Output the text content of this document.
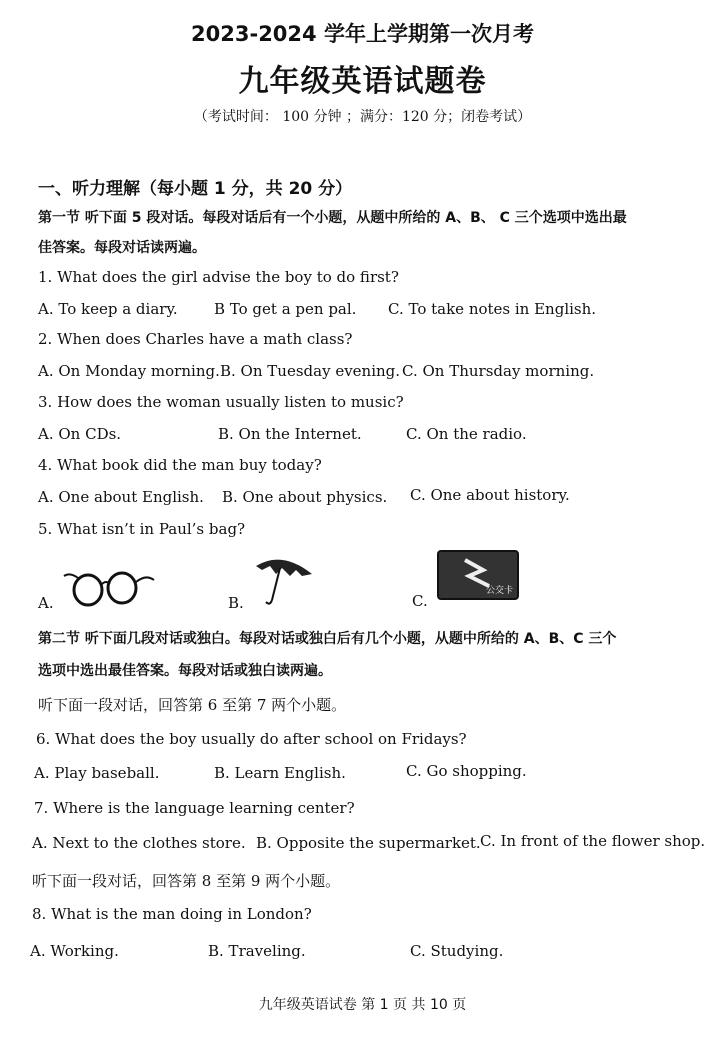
2023-2024 学年上学期第一次月考
九年级英语试题卷
（考试时间： 100 分钟 ；满分：120 分；闭卷考试）
一、听力理解（每小题 1 分，共 20 分）
第一节 听下面 5 段对话。每段对话后有一个小题，从题中所给的 A、B、 C 三个选项中选出最
佳答案。每段对话读两遍。
1. What does the girl advise the boy to do first?
A. To keep a diary. B To get a pen pal. C. To take notes in English.
2. When does Charles have a math class?
A. On Monday morning. B. On Tuesday evening. C. On Thursday morning.
3. How does the woman usually listen to music?
A. On CDs.	B. On the Internet.	C. On the radio.
4. What book did the man buy today?
A. One about English. B. One about physics. C. One about history.
5. What isn’t in Paul’s bag?
A.	B.	C.
公交卡
第二节 听下面几段对话或独白。每段对话或独白后有几个小题，从题中所给的 A、B、C 三个
选项中选出最佳答案。每段对话或独白读两遍。
听下面一段对话，回答第 6 至第 7 两个小题。
6. What does the boy usually do after school on Fridays?
A. Play baseball.	B. Learn English.	C. Go shopping.
7. Where is the language learning center?
A. Next to the clothes store. B. Opposite the supermarket. C. In front of the flower shop.
听下面一段对话，回答第 8 至第 9 两个小题。
8. What is the man doing in London?
A. Working.	B. Traveling.	C. Studying.
九年级英语试卷 第 1 页 共 10 页
